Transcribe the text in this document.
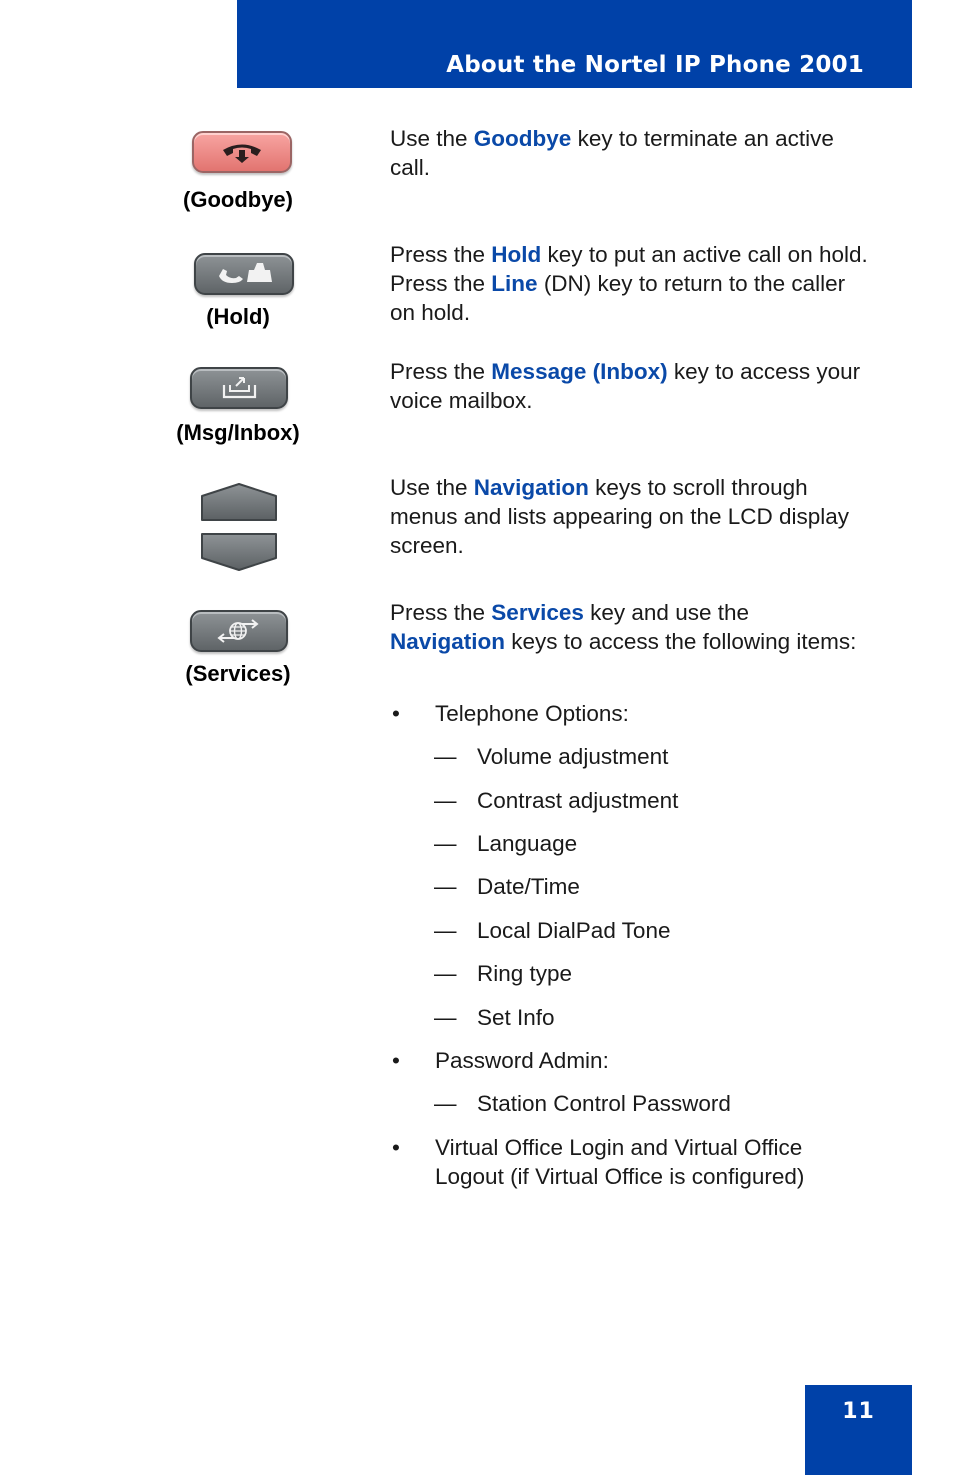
About the Nortel IP Phone 2001
(Goodbye)
Use the Goodbye key to terminate an active call.
(Hold)
Press the Hold key to put an active call on hold. Press the Line (DN) key to return to the caller on hold.
(Msg/Inbox)
Press the Message (Inbox) key to access your voice mailbox.
Use the Navigation keys to scroll through menus and lists appearing on the LCD display screen.
(Services)
Press the Services key and use the Navigation keys to access the following items:
• Telephone Options:
— Volume adjustment
— Contrast adjustment
— Language
— Date/Time
— Local DialPad Tone
— Ring type
— Set Info
• Password Admin:
— Station Control Password
• Virtual Office Login and Virtual Office Logout (if Virtual Office is configured)
11
